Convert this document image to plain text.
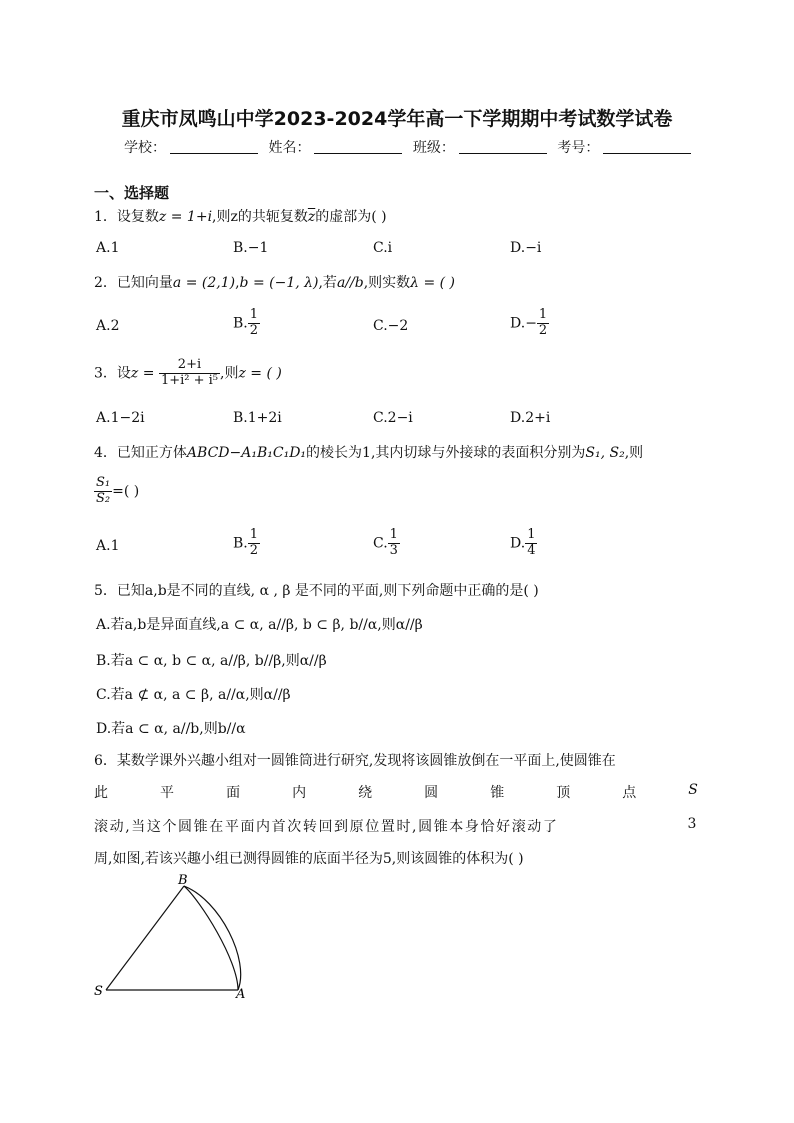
重庆市凤鸣山中学2023-2024学年高一下学期期中考试数学试卷
学校：	姓名：	班级：	考号：
一、选择题
1．设复数z = 1+i,则z的共轭复数$\overline{z}$的虚部为( )
A.1	B.−1	C.i	D.−i
2．已知向量a = (2,1),b = (−1, λ),若a//b,则实数λ = ( )
A.2	B. $\frac{1}{2}$	C.−2	$D.- \frac{1}{2}$
3．设$z = \frac{2+i}{\text{1+i² + i⁵}}$ ,则z = ( )
A.1−2i	B.1+2i	C.2−i	D.2+i
4．已知正方体ABCD−A₁B₁C₁D₁的棱长为1,其内切球与外接球的表面积分别为S₁, S₂,则
$\frac{\text{S₁}}{\text{S₂}}$ =( )
A.1	B. $\frac{1}{2}$	C. $\frac{1}{3}$	D. $\frac{1}{4}$
5．已知a,b是不同的直线, α , β 是不同的平面,则下列命题中正确的是( )
A.若a,b是异面直线,a ⊂ α, a//β, b ⊂ β, b//α,则α//β
B.若a ⊂ α, b ⊂ α, a//β, b//β,则α//β
C.若a ⊄ α, a ⊂ β, a//α,则α//β
D.若a ⊂ α, a//b,则b//α
6．某数学课外兴趣小组对一圆锥筒进行研究,发现将该圆锥放倒在一平面上,使圆锥在
此	平	面	内	绕	圆	锥	顶	点	S
滚动,当这个圆锥在平面内首次转回到原位置时,圆锥本身恰好滚动了	3
周,如图,若该兴趣小组已测得圆锥的底面半径为5,则该圆锥的体积为( )
B
S	A
